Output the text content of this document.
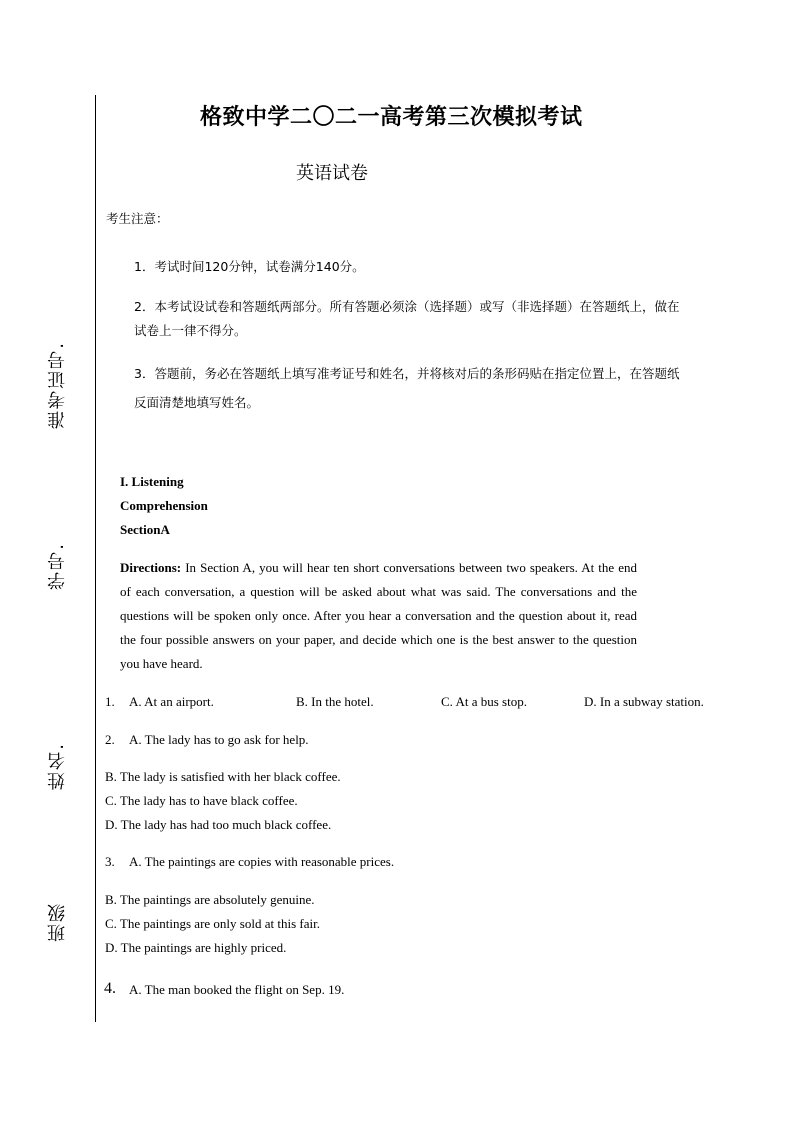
准考证号.
学号.
姓名.
班级
格致中学二〇二一高考第三次模拟考试
英语试卷
考生注意：
1．考试时间120分钟，试卷满分140分。
2．本考试设试卷和答题纸两部分。所有答题必须涂（选择题）或写（非选择题）在答题纸上，做在
试卷上一律不得分。
3．答题前，务必在答题纸上填写准考证号和姓名，并将核对后的条形码贴在指定位置上，在答题纸
反面清楚地填写姓名。
I. Listening
Comprehension
SectionA
Directions: In Section A, you will hear ten short conversations between two speakers. At the end of each conversation, a question will be asked about what was said. The conversations and the questions will be spoken only once. After you hear a conversation and the question about it, read the four possible answers on your paper, and decide which one is the best answer to the question you have heard.
1. A. At an airport.	B. In the hotel.	C. At a bus stop.	D. In a subway station.
2. A. The lady has to go ask for help.
B. The lady is satisfied with her black coffee.
C. The lady has to have black coffee.
D. The lady has had too much black coffee.
3. A. The paintings are copies with reasonable prices.
B. The paintings are absolutely genuine.
C. The paintings are only sold at this fair.
D. The paintings are highly priced.
4. A. The man booked the flight on Sep. 19.
